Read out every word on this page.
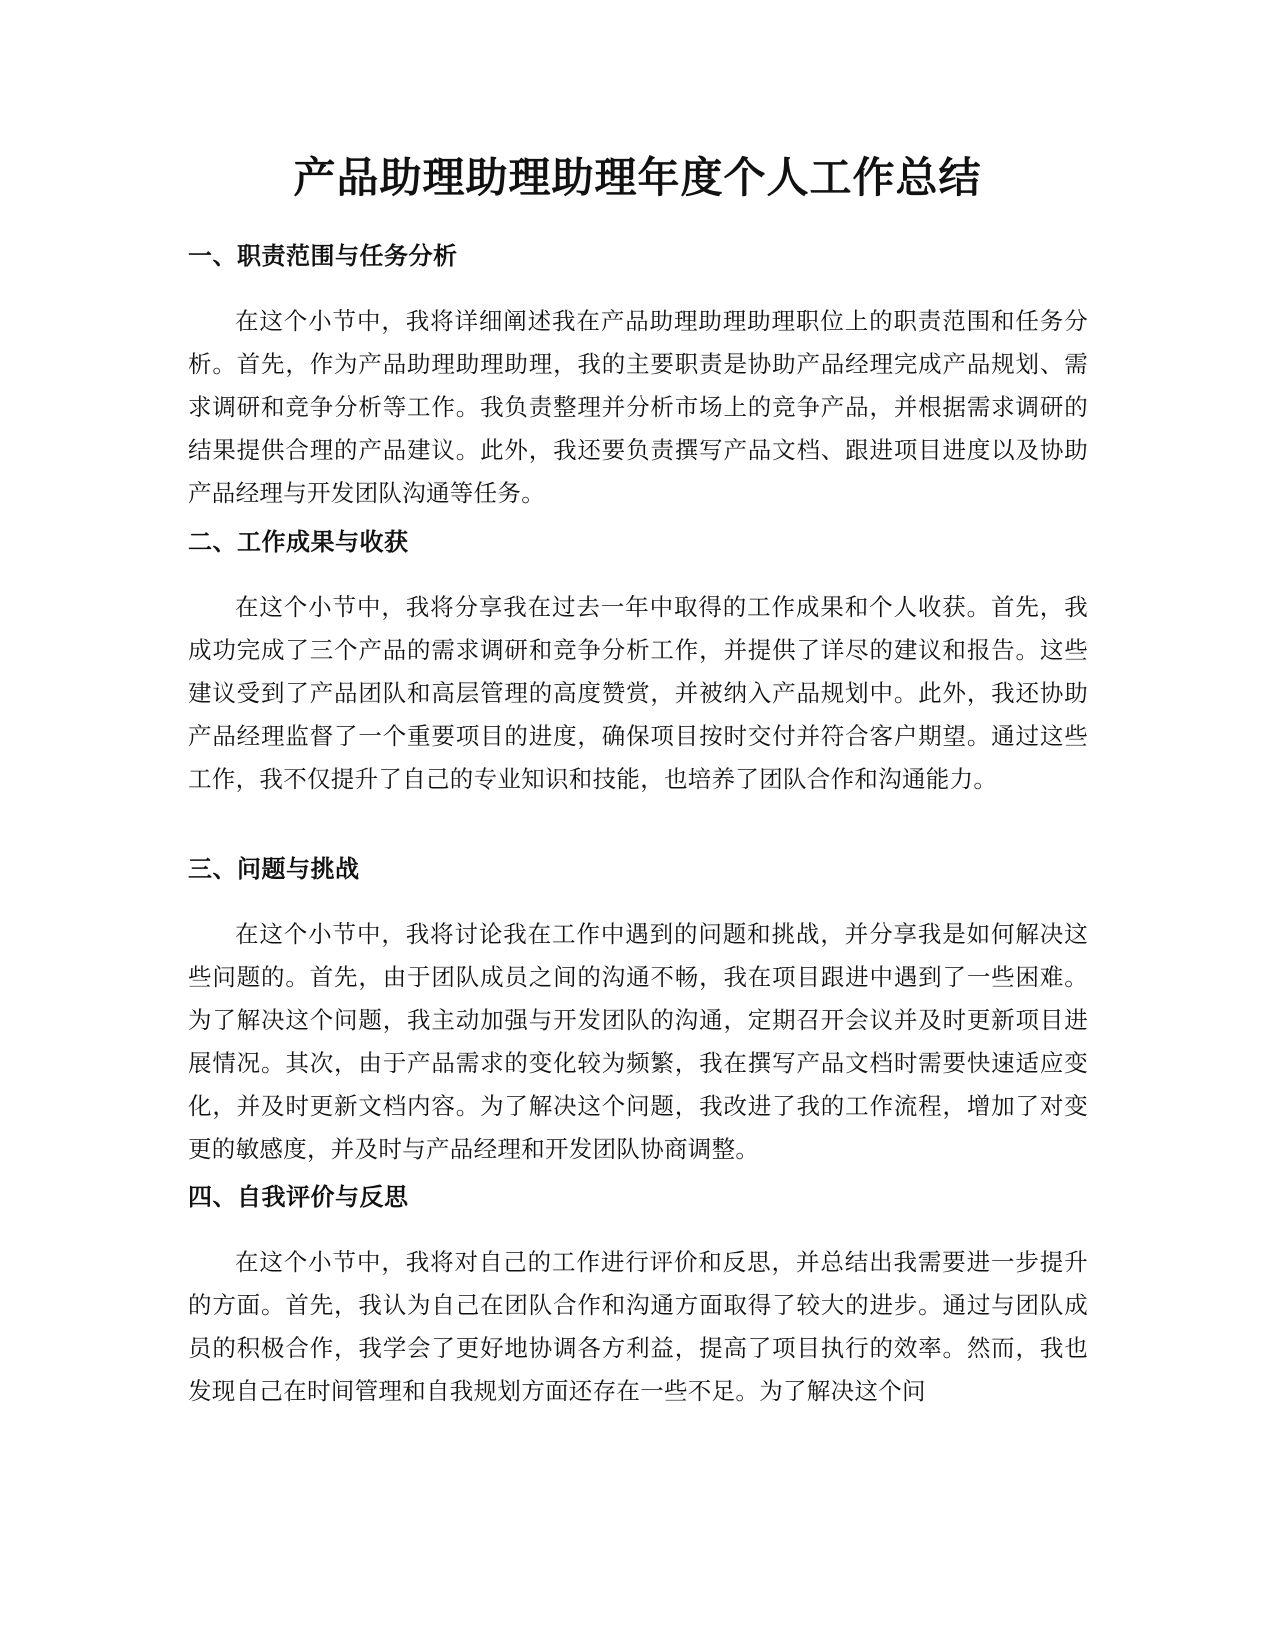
产品助理助理助理年度个人工作总结
一、职责范围与任务分析

在这个小节中，我将详细阐述我在产品助理助理助理职位上的职责范围和任务分析。首先，作为产品助理助理助理，我的主要职责是协助产品经理完成产品规划、需求调研和竞争分析等工作。我负责整理并分析市场上的竞争产品，并根据需求调研的结果提供合理的产品建议。此外，我还要负责撰写产品文档、跟进项目进度以及协助产品经理与开发团队沟通等任务。

二、工作成果与收获

在这个小节中，我将分享我在过去一年中取得的工作成果和个人收获。首先，我成功完成了三个产品的需求调研和竞争分析工作，并提供了详尽的建议和报告。这些建议受到了产品团队和高层管理的高度赞赏，并被纳入产品规划中。此外，我还协助产品经理监督了一个重要项目的进度，确保项目按时交付并符合客户期望。通过这些工作，我不仅提升了自己的专业知识和技能，也培养了团队合作和沟通能力。

三、问题与挑战

在这个小节中，我将讨论我在工作中遇到的问题和挑战，并分享我是如何解决这些问题的。首先，由于团队成员之间的沟通不畅，我在项目跟进中遇到了一些困难。为了解决这个问题，我主动加强与开发团队的沟通，定期召开会议并及时更新项目进展情况。其次，由于产品需求的变化较为频繁，我在撰写产品文档时需要快速适应变化，并及时更新文档内容。为了解决这个问题，我改进了我的工作流程，增加了对变更的敏感度，并及时与产品经理和开发团队协商调整。

四、自我评价与反思

在这个小节中，我将对自己的工作进行评价和反思，并总结出我需要进一步提升的方面。首先，我认为自己在团队合作和沟通方面取得了较大的进步。通过与团队成员的积极合作，我学会了更好地协调各方利益，提高了项目执行的效率。然而，我也发现自己在时间管理和自我规划方面还存在一些不足。为了解决这个问
